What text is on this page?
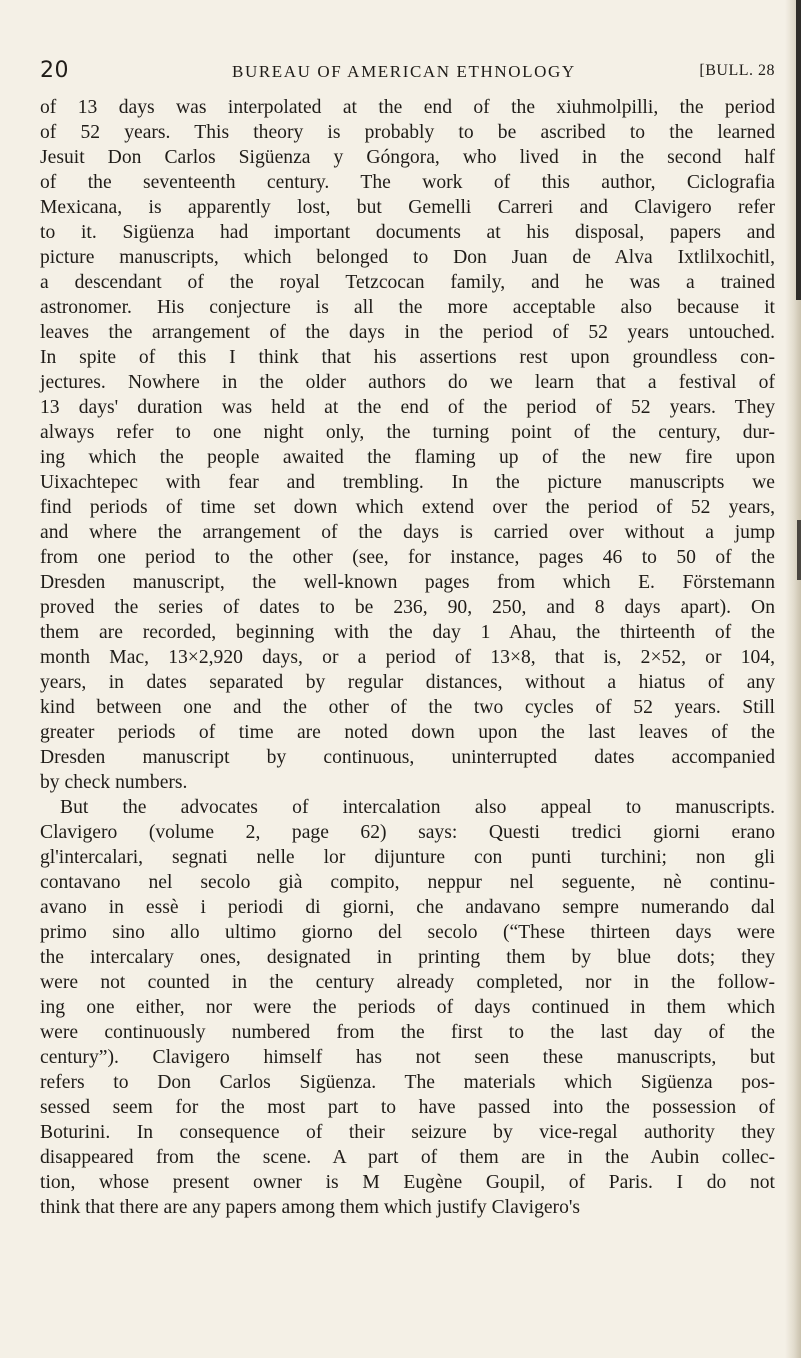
20	BUREAU OF AMERICAN ETHNOLOGY	[BULL. 28
of 13 days was interpolated at the end of the xiuhmolpilli, the period
of 52 years. This theory is probably to be ascribed to the learned
Jesuit Don Carlos Sigüenza y Góngora, who lived in the second half
of the seventeenth century. The work of this author, Ciclografia
Mexicana, is apparently lost, but Gemelli Carreri and Clavigero refer
to it. Sigüenza had important documents at his disposal, papers and
picture manuscripts, which belonged to Don Juan de Alva Ixtlilxochitl,
a descendant of the royal Tetzcocan family, and he was a trained
astronomer. His conjecture is all the more acceptable also because it
leaves the arrangement of the days in the period of 52 years untouched.
In spite of this I think that his assertions rest upon groundless con-
jectures. Nowhere in the older authors do we learn that a festival of
13 days' duration was held at the end of the period of 52 years. They
always refer to one night only, the turning point of the century, dur-
ing which the people awaited the flaming up of the new fire upon
Uixachtepec with fear and trembling. In the picture manuscripts we
find periods of time set down which extend over the period of 52 years,
and where the arrangement of the days is carried over without a jump
from one period to the other (see, for instance, pages 46 to 50 of the
Dresden manuscript, the well-known pages from which E. Förstemann
proved the series of dates to be 236, 90, 250, and 8 days apart). On
them are recorded, beginning with the day 1 Ahau, the thirteenth of the
month Mac, 13×2,920 days, or a period of 13×8, that is, 2×52, or 104,
years, in dates separated by regular distances, without a hiatus of any
kind between one and the other of the two cycles of 52 years. Still
greater periods of time are noted down upon the last leaves of the
Dresden manuscript by continuous, uninterrupted dates accompanied
by check numbers.
But the advocates of intercalation also appeal to manuscripts.
Clavigero (volume 2, page 62) says: Questi tredici giorni erano
gl'intercalari, segnati nelle lor dijunture con punti turchini; non gli
contavano nel secolo già compito, neppur nel seguente, nè continu-
avano in essè i periodi di giorni, che andavano sempre numerando dal
primo sino allo ultimo giorno del secolo (“These thirteen days were
the intercalary ones, designated in printing them by blue dots; they
were not counted in the century already completed, nor in the follow-
ing one either, nor were the periods of days continued in them which
were continuously numbered from the first to the last day of the
century”). Clavigero himself has not seen these manuscripts, but
refers to Don Carlos Sigüenza. The materials which Sigüenza pos-
sessed seem for the most part to have passed into the possession of
Boturini. In consequence of their seizure by vice-regal authority they
disappeared from the scene. A part of them are in the Aubin collec-
tion, whose present owner is M Eugène Goupil, of Paris. I do not
think that there are any papers among them which justify Clavigero's
